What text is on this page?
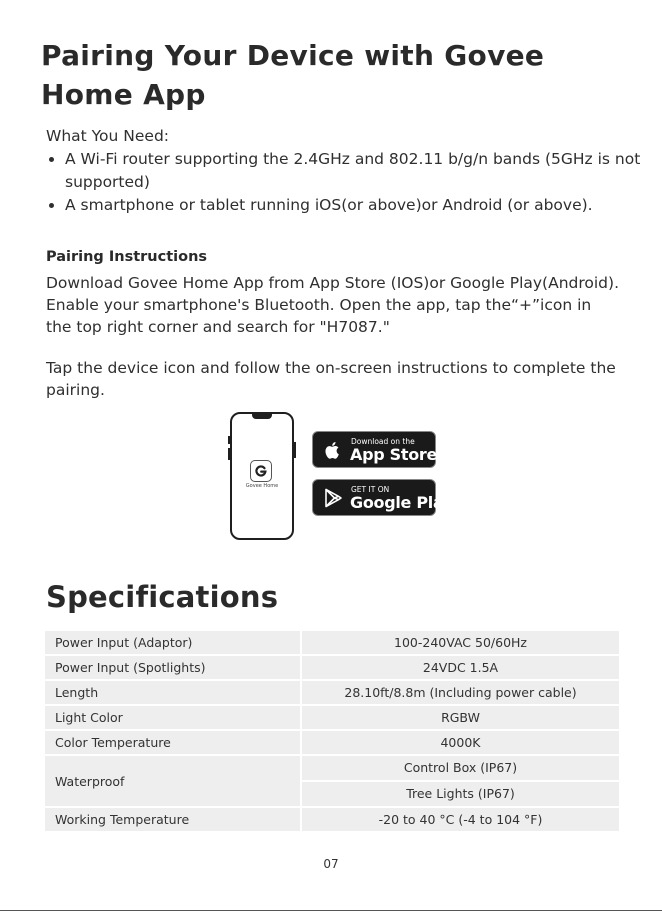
Pairing Your Device with Govee Home App
What You Need:
• A Wi-Fi router supporting the 2.4GHz and 802.11 b/g/n bands (5GHz is not supported)
• A smartphone or tablet running iOS(or above)or Android (or above).
Pairing Instructions
Download Govee Home App from App Store (IOS)or Google Play(Android). Enable your smartphone's Bluetooth. Open the app, tap the“+”icon in the top right corner and search for "H7087."
Tap the device icon and follow the on-screen instructions to complete the pairing.
Govee Home
Download on the
App Store
GET IT ON
Google Play
Specifications
Power Input (Adaptor)	100-240VAC 50/60Hz
Power Input (Spotlights)	24VDC 1.5A
Length	28.10ft/8.8m (Including power cable)
Light Color	RGBW
Color Temperature	4000K
Waterproof	Control Box (IP67)
Tree Lights (IP67)

Working Temperature	-20 to 40 °C (-4 to 104 °F)
07
